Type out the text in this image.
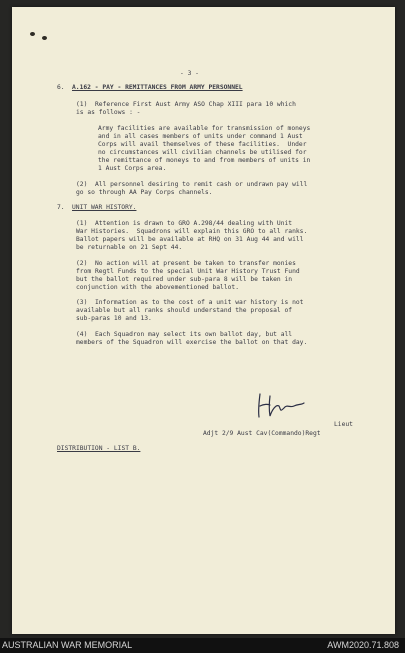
- 3 -
6. A.162 - PAY - REMITTANCES FROM ARMY PERSONNEL
(1)  Reference First Aust Army ASO Chap XIII para 10 which
is as follows : -
Army facilities are available for transmission of moneys
and in all cases members of units under command 1 Aust
Corps will avail themselves of these facilities.  Under
no circumstances will civilian channels be utilised for
the remittance of moneys to and from members of units in
1 Aust Corps area.
(2)  All personnel desiring to remit cash or undrawn pay will
go so through AA Pay Corps channels.
7. UNIT WAR HISTORY.
(1)  Attention is drawn to GRO A.298/44 dealing with Unit
War Histories.  Squadrons will explain this GRO to all ranks.
Ballot papers will be available at RHQ on 31 Aug 44 and will
be returnable on 21 Sept 44.
(2)  No action will at present be taken to transfer monies
from Regtl Funds to the special Unit War History Trust Fund
but the ballot required under sub-para 8 will be taken in
conjunction with the abovementioned ballot.
(3)  Information as to the cost of a unit war history is not
available but all ranks should understand the proposal of
sub-paras 10 and 13.
(4)  Each Squadron may select its own ballot day, but all
members of the Squadron will exercise the ballot on that day.
Lieut
Adjt 2/9 Aust Cav(Commando)Regt
DISTRIBUTION - LIST B.
AUSTRALIAN WAR MEMORIAL	AWM2020.71.808
